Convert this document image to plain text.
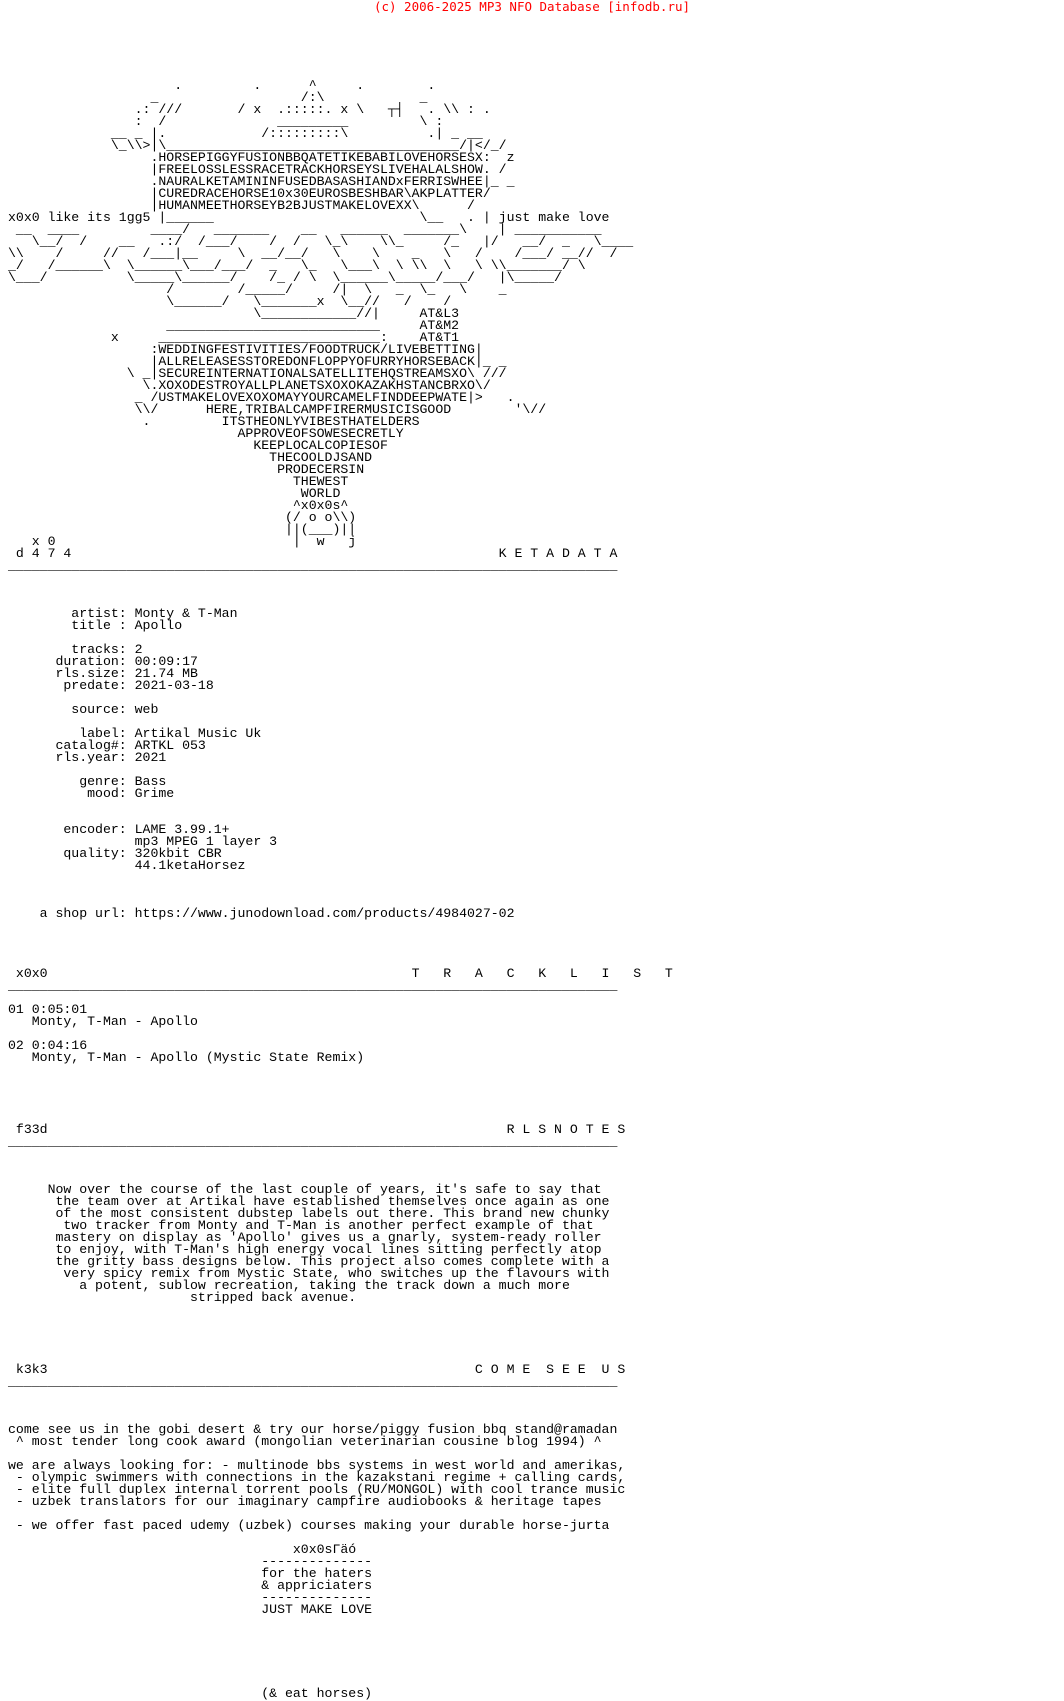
(c) 2006-2025 MP3 NFO Database [infodb.ru]
.         .      ^     .        .
_                  /:\            _
.: ///       / x  .:::::. x \   ┬┤   . \\ : .
:  /              _________         \ :
__ _ |.            /:::::::::\          .| _ __
\_\\>|\_____________________________________/|</_/
.HORSEPIGGYFUSIONBBQATETIKEBABILOVEHORSESX:  z
|FREELOSSLESSRACETRACKHORSEYSLIVEHALALSHOW. /
.NAURALKETAMININFUSEDBASASHIANDxFERRISWHEE|_ _
|CUREDRACEHORSE10x30EUROSBESHBAR\AKPLATTER/
|HUMANMEETHORSEYB2BJUSTMAKELOVEXX\      /
x0x0 like its 1gg5 |______                          \__   . | just make love
__  ____         ____/   _______    __   ______  _______\    | ___________
\__/  /    __   .:/  /___/    /  /   \_\    \\_     /_   |/   __/  _   \____
\\    /     //   /___|__     \  __/__/   \    \    _   \   /    /___/ __//  /
_/   /______\  \______\___/___/  _   \_   \___\  \ \\  \   \ \\_______/ \
\___/          \_____\______/    /_ / \  \______\_____/___/   |\_____/
/        /_____/     /|  \   _  \_   \    _
\______/   \_______x  \__//   /    /
\____________//|     AT&L3
___________________________     AT&M2
x     ____________________________:    AT&T1
:WEDDINGFESTIVITIES/FOODTRUCK/LIVEBETTING|
|ALLRELEASESSTOREDONFLOPPYOFURRYHORSEBACK|_ _
\ _|SECUREINTERNATIONALSATELLITEHQSTREAMSXO\ ///
\.XOXODESTROYALLPLANETSXOXOKAZAKHSTANCBRXO\/
_ /USTMAKELOVEXOXOMAYYOURCAMELFINDDEEPWATE|>   .
\\/      HERE,TRIBALCAMPFIRERMUSICISGOOD        '\//
.         ITSTHEONLYVIBESTHATELDERS
APPROVEOFSOWESECRETLY
KEEPLOCALCOPIESOF
THECOOLDJSAND
PRODECERSIN
THEWEST
WORLD
^x0x0s^
(/ o o\\)
||(___)||
x 0                              |  w   j
d 4 7 4                                                      K E T A D A T A
_____________________________________________________________________________

artist: Monty & T-Man
title : Apollo

tracks: 2
duration: 00:09:17
rls.size: 21.74 MB
predate: 2021-03-18

source: web

label: Artikal Music Uk
catalog#: ARTKL 053
rls.year: 2021

genre: Bass
mood: Grime

encoder: LAME 3.99.1+
mp3 MPEG 1 layer 3
quality: 320kbit CBR
44.1ketaHorsez

a shop url: https://www.junodownload.com/products/4984027-02

x0x0                                              T   R   A   C   K   L   I   S   T
_____________________________________________________________________________

01 0:05:01
Monty, T-Man - Apollo

02 0:04:16
Monty, T-Man - Apollo (Mystic State Remix)

f33d                                                          R L S N O T E S
_____________________________________________________________________________

Now over the course of the last couple of years, it's safe to say that
the team over at Artikal have established themselves once again as one
of the most consistent dubstep labels out there. This brand new chunky
two tracker from Monty and T-Man is another perfect example of that
mastery on display as 'Apollo' gives us a gnarly, system-ready roller
to enjoy, with T-Man's high energy vocal lines sitting perfectly atop
the gritty bass designs below. This project also comes complete with a
very spicy remix from Mystic State, who switches up the flavours with
a potent, sublow recreation, taking the track down a much more
stripped back avenue.

k3k3                                                      C O M E  S E E  U S
_____________________________________________________________________________

come see us in the gobi desert & try our horse/piggy fusion bbq stand@ramadan
^ most tender long cook award (mongolian veterinarian cousine blog 1994) ^

we are always looking for: - multinode bbs systems in west world and amerikas,
- olympic swimmers with connections in the kazakstani regime + calling cards,
- elite full duplex internal torrent pools (RU/MONGOL) with cool trance music
- uzbek translators for our imaginary campfire audiobooks & heritage tapes

- we offer fast paced udemy (uzbek) courses making your durable horse-jurta

x0x0sΓäó
--------------
for the haters
& appriciaters
--------------
JUST MAKE LOVE

(& eat horses)
